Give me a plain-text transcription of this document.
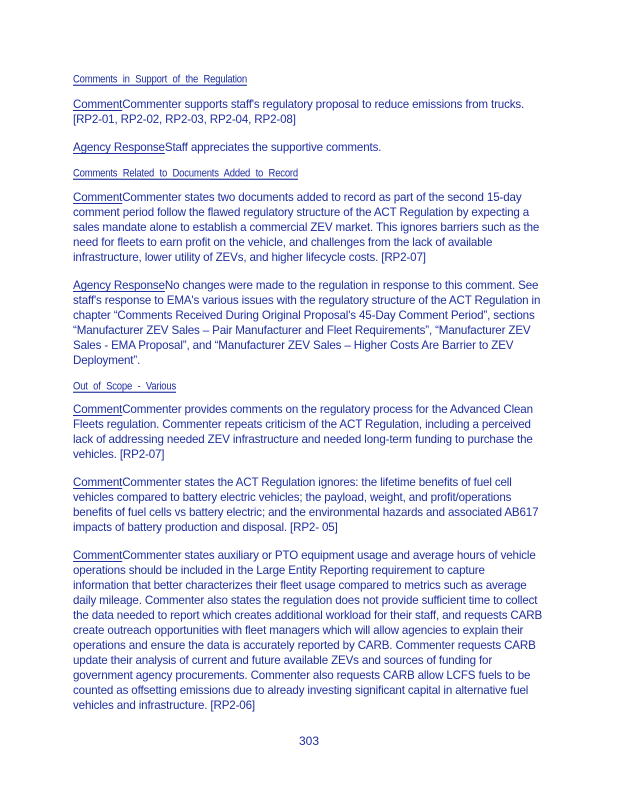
Comments in Support of the Regulation

CommentCommenter supports staff's regulatory proposal to reduce emissions from trucks. [RP2-01, RP2-02, RP2-03, RP2-04, RP2-08]

Agency ResponseStaff appreciates the supportive comments.

Comments Related to Documents Added to Record

CommentCommenter states two documents added to record as part of the second 15-day comment period follow the flawed regulatory structure of the ACT Regulation by expecting a sales mandate alone to establish a commercial ZEV market. This ignores barriers such as the need for fleets to earn profit on the vehicle, and challenges from the lack of available infrastructure, lower utility of ZEVs, and higher lifecycle costs. [RP2-07]

Agency ResponseNo changes were made to the regulation in response to this comment. See staff's response to EMA's various issues with the regulatory structure of the ACT Regulation in chapter “Comments Received During Original Proposal's 45-Day Comment Period”, sections “Manufacturer ZEV Sales – Pair Manufacturer and Fleet Requirements”, “Manufacturer ZEV Sales - EMA Proposal”, and “Manufacturer ZEV Sales – Higher Costs Are Barrier to ZEV Deployment”.

Out of Scope - Various

CommentCommenter provides comments on the regulatory process for the Advanced Clean Fleets regulation. Commenter repeats criticism of the ACT Regulation, including a perceived lack of addressing needed ZEV infrastructure and needed long-term funding to purchase the vehicles. [RP2-07]

CommentCommenter states the ACT Regulation ignores: the lifetime benefits of fuel cell vehicles compared to battery electric vehicles; the payload, weight, and profit/operations benefits of fuel cells vs battery electric; and the environmental hazards and associated AB617 impacts of battery production and disposal. [RP2- 05]

CommentCommenter states auxiliary or PTO equipment usage and average hours of vehicle operations should be included in the Large Entity Reporting requirement to capture information that better characterizes their fleet usage compared to metrics such as average daily mileage. Commenter also states the regulation does not provide sufficient time to collect the data needed to report which creates additional workload for their staff, and requests CARB create outreach opportunities with fleet managers which will allow agencies to explain their operations and ensure the data is accurately reported by CARB. Commenter requests CARB update their analysis of current and future available ZEVs and sources of funding for government agency procurements. Commenter also requests CARB allow LCFS fuels to be counted as offsetting emissions due to already investing significant capital in alternative fuel vehicles and infrastructure. [RP2-06]

303
